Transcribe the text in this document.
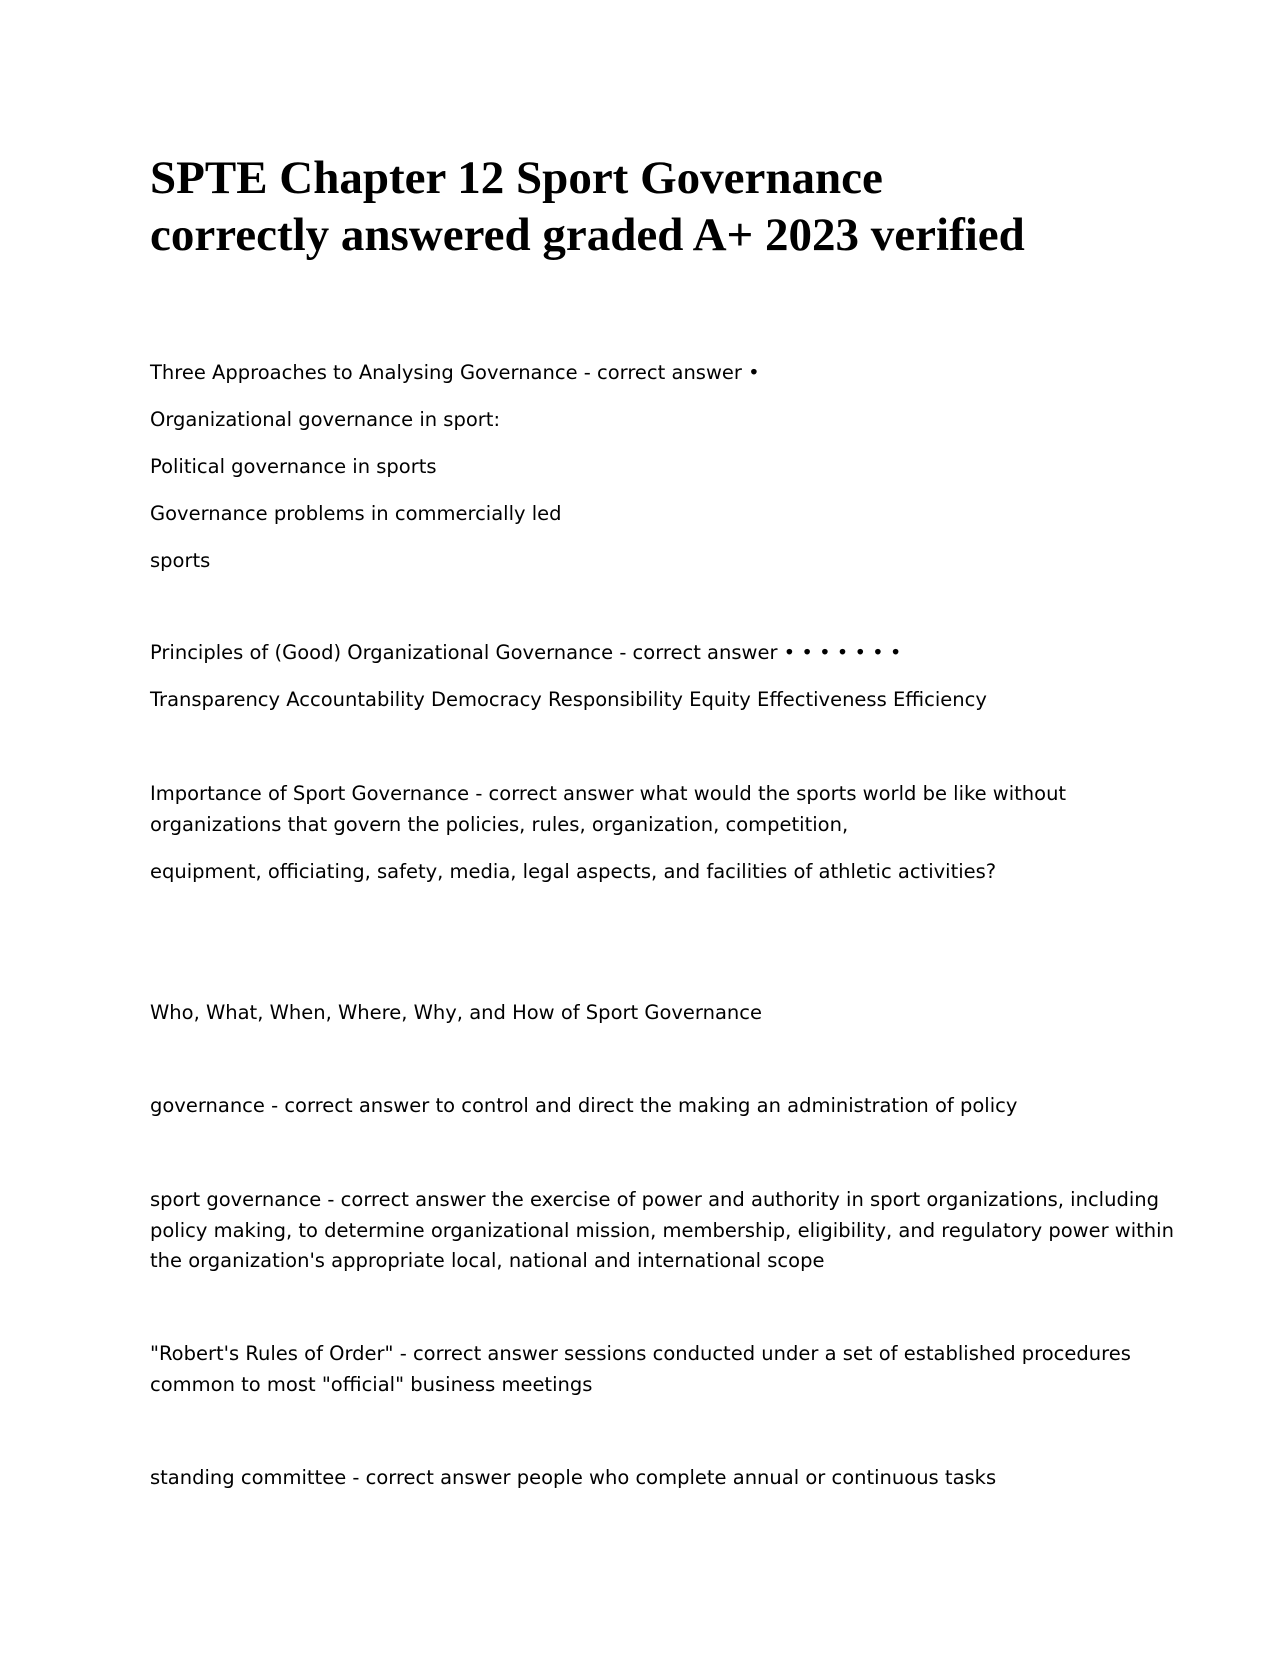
SPTE Chapter 12 Sport Governance
correctly answered graded A+ 2023 verified

Three Approaches to Analysing Governance - correct answer •

Organizational governance in sport:

Political governance in sports

Governance problems in commercially led

sports

Principles of (Good) Organizational Governance - correct answer • • • • • • •

Transparency Accountability Democracy Responsibility Equity Effectiveness Efficiency

Importance of Sport Governance - correct answer what would the sports world be like without
organizations that govern the policies, rules, organization, competition,

equipment, officiating, safety, media, legal aspects, and facilities of athletic activities?

Who, What, When, Where, Why, and How of Sport Governance

governance - correct answer to control and direct the making an administration of policy

sport governance - correct answer the exercise of power and authority in sport organizations, including
policy making, to determine organizational mission, membership, eligibility, and regulatory power within
the organization's appropriate local, national and international scope

"Robert's Rules of Order" - correct answer sessions conducted under a set of established procedures
common to most "official" business meetings

standing committee - correct answer people who complete annual or continuous tasks
